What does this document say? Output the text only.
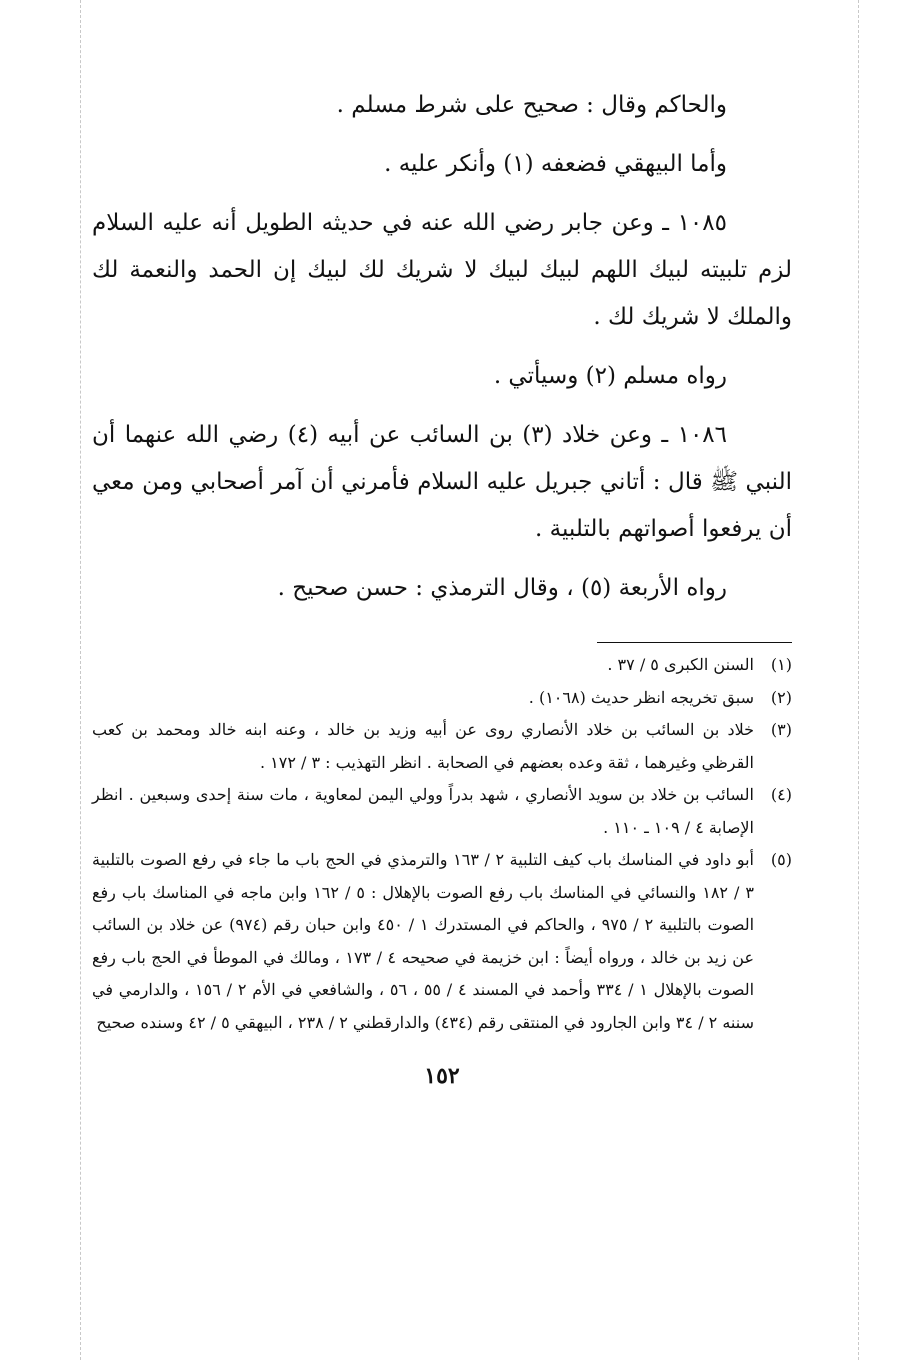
والحاكم وقال : صحيح على شرط مسلم .

وأما البيهقي فضعفه (١) وأنكر عليه .

١٠٨٥ ـ وعن جابر رضي الله عنه في حديثه الطويل أنه عليه السلام لزم تلبيته لبيك اللهم لبيك لبيك لا شريك لك لبيك إن الحمد والنعمة لك والملك لا شريك لك .

رواه مسلم (٢) وسيأتي .

١٠٨٦ ـ وعن خلاد (٣) بن السائب عن أبيه (٤) رضي الله عنهما أن النبي ﷺ قال : أتاني جبريل عليه السلام فأمرني أن آمر أصحابي ومن معي أن يرفعوا أصواتهم بالتلبية .

رواه الأربعة (٥) ، وقال الترمذي : حسن صحيح .

(١)
السنن الكبرى ٥ / ٣٧ .
(٢)
سبق تخريجه انظر حديث (١٠٦٨) .
(٣)
خلاد بن السائب بن خلاد الأنصاري روى عن أبيه وزيد بن خالد ، وعنه ابنه خالد ومحمد بن كعب القرظي وغيرهما ، ثقة وعده بعضهم في الصحابة . انظر التهذيب : ٣ / ١٧٢ .
(٤)
السائب بن خلاد بن سويد الأنصاري ، شهد بدراً وولي اليمن لمعاوية ، مات سنة إحدى وسبعين . انظر الإصابة ٤ / ١٠٩ ـ ١١٠ .
(٥)
أبو داود في المناسك باب كيف التلبية ٢ / ١٦٣ والترمذي في الحج باب ما جاء في رفع الصوت بالتلبية ٣ / ١٨٢ والنسائي في المناسك باب رفع الصوت بالإهلال : ٥ / ١٦٢ وابن ماجه في المناسك باب رفع الصوت بالتلبية ٢ / ٩٧٥ ، والحاكم في المستدرك ١ / ٤٥٠ وابن حبان رقم (٩٧٤) عن خلاد بن السائب عن زيد بن خالد ، ورواه أيضاً : ابن خزيمة في صحيحه ٤ / ١٧٣ ، ومالك في الموطأ في الحج باب رفع الصوت بالإهلال ١ / ٣٣٤ وأحمد في المسند ٤ / ٥٥ ، ٥٦ ، والشافعي في الأم ٢ / ١٥٦ ، والدارمي في سننه ٢ / ٣٤ وابن الجارود في المنتقى رقم (٤٣٤) والدارقطني ٢ / ٢٣٨ ، البيهقي ٥ / ٤٢ وسنده صحيح
١٥٢
